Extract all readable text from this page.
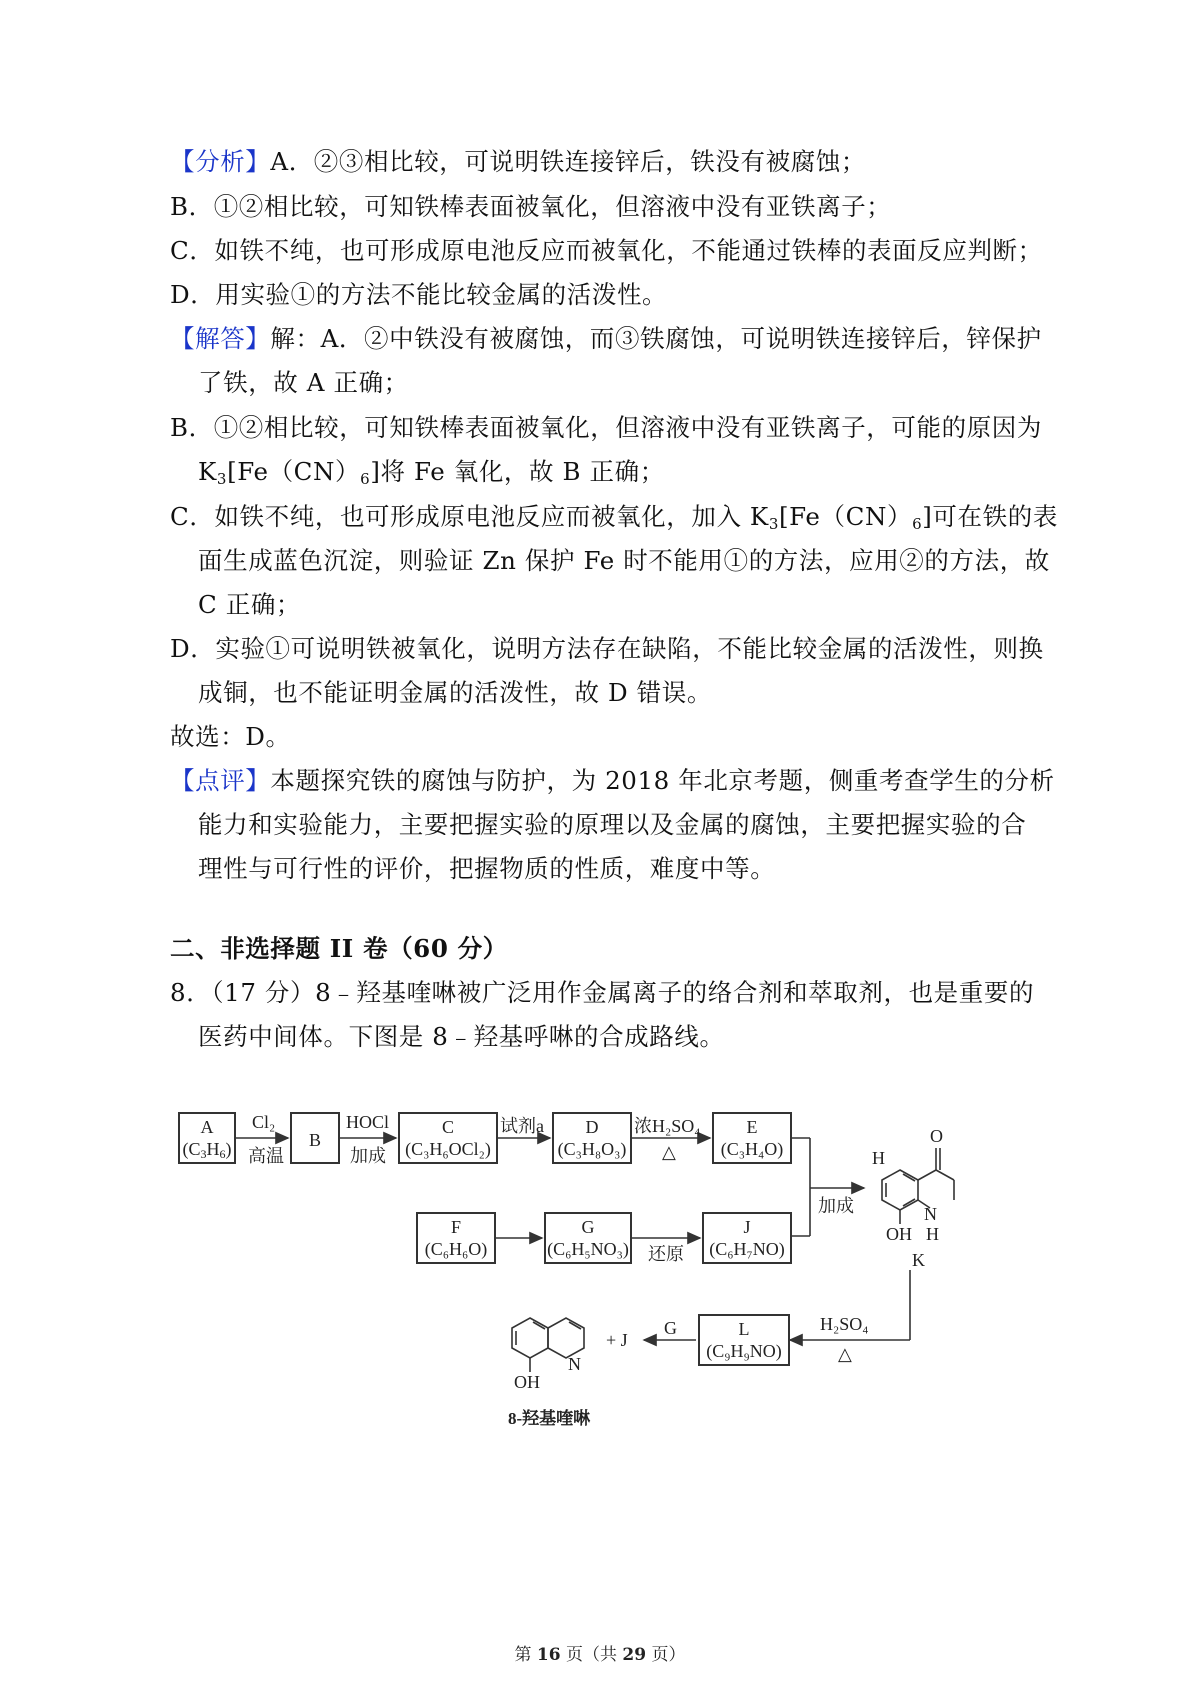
【分析】A．②③相比较，可说明铁连接锌后，铁没有被腐蚀；
B．①②相比较，可知铁棒表面被氧化，但溶液中没有亚铁离子；
C．如铁不纯，也可形成原电池反应而被氧化，不能通过铁棒的表面反应判断；
D．用实验①的方法不能比较金属的活泼性。
【解答】解：A．②中铁没有被腐蚀，而③铁腐蚀，可说明铁连接锌后，锌保护
了铁，故 A 正确；
B．①②相比较，可知铁棒表面被氧化，但溶液中没有亚铁离子，可能的原因为
$K_3[Fe(CN)_6]$将 Fe 氧化，故 B 正确；
C．如铁不纯，也可形成原电池反应而被氧化，加入 $K_3[Fe(CN)_6]$可在铁的表
面生成蓝色沉淀，则验证 Zn 保护 Fe 时不能用①的方法，应用②的方法，故
C 正确；
D．实验①可说明铁被氧化，说明方法存在缺陷，不能比较金属的活泼性，则换
成铜，也不能证明金属的活泼性，故 D 错误。
故选：D。
【点评】本题探究铁的腐蚀与防护，为 2018 年北京考题，侧重考查学生的分析
能力和实验能力，主要把握实验的原理以及金属的腐蚀，主要把握实验的合
理性与可行性的评价，把握物质的性质，难度中等。
二、非选择题 II 卷（60 分）
8．（17 分）8﹣羟基喹啉被广泛用作金属离子的络合剂和萃取剂，也是重要的
医药中间体。下图是 8﹣羟基呼啉的合成路线。
A
$(C_3H_6)$
Cl₂
高温
B
HOCl
加成
C
(C₃H₆OCl₂)
试剂a	D
(C₃H₈O₃)
浓H₂SO₄
△
E
(C₃H₄O)
加成
O
H
OH
N
H
K
F
(C₆H₆O)
G
(C₆H₅NO₃) 还原
J
(C₆H₇NO)
L
(C₉H₉NO)
H₂SO₄
△
G
+ J
N
OH
8-羟基喹啉
第 16 页（共 29 页）
